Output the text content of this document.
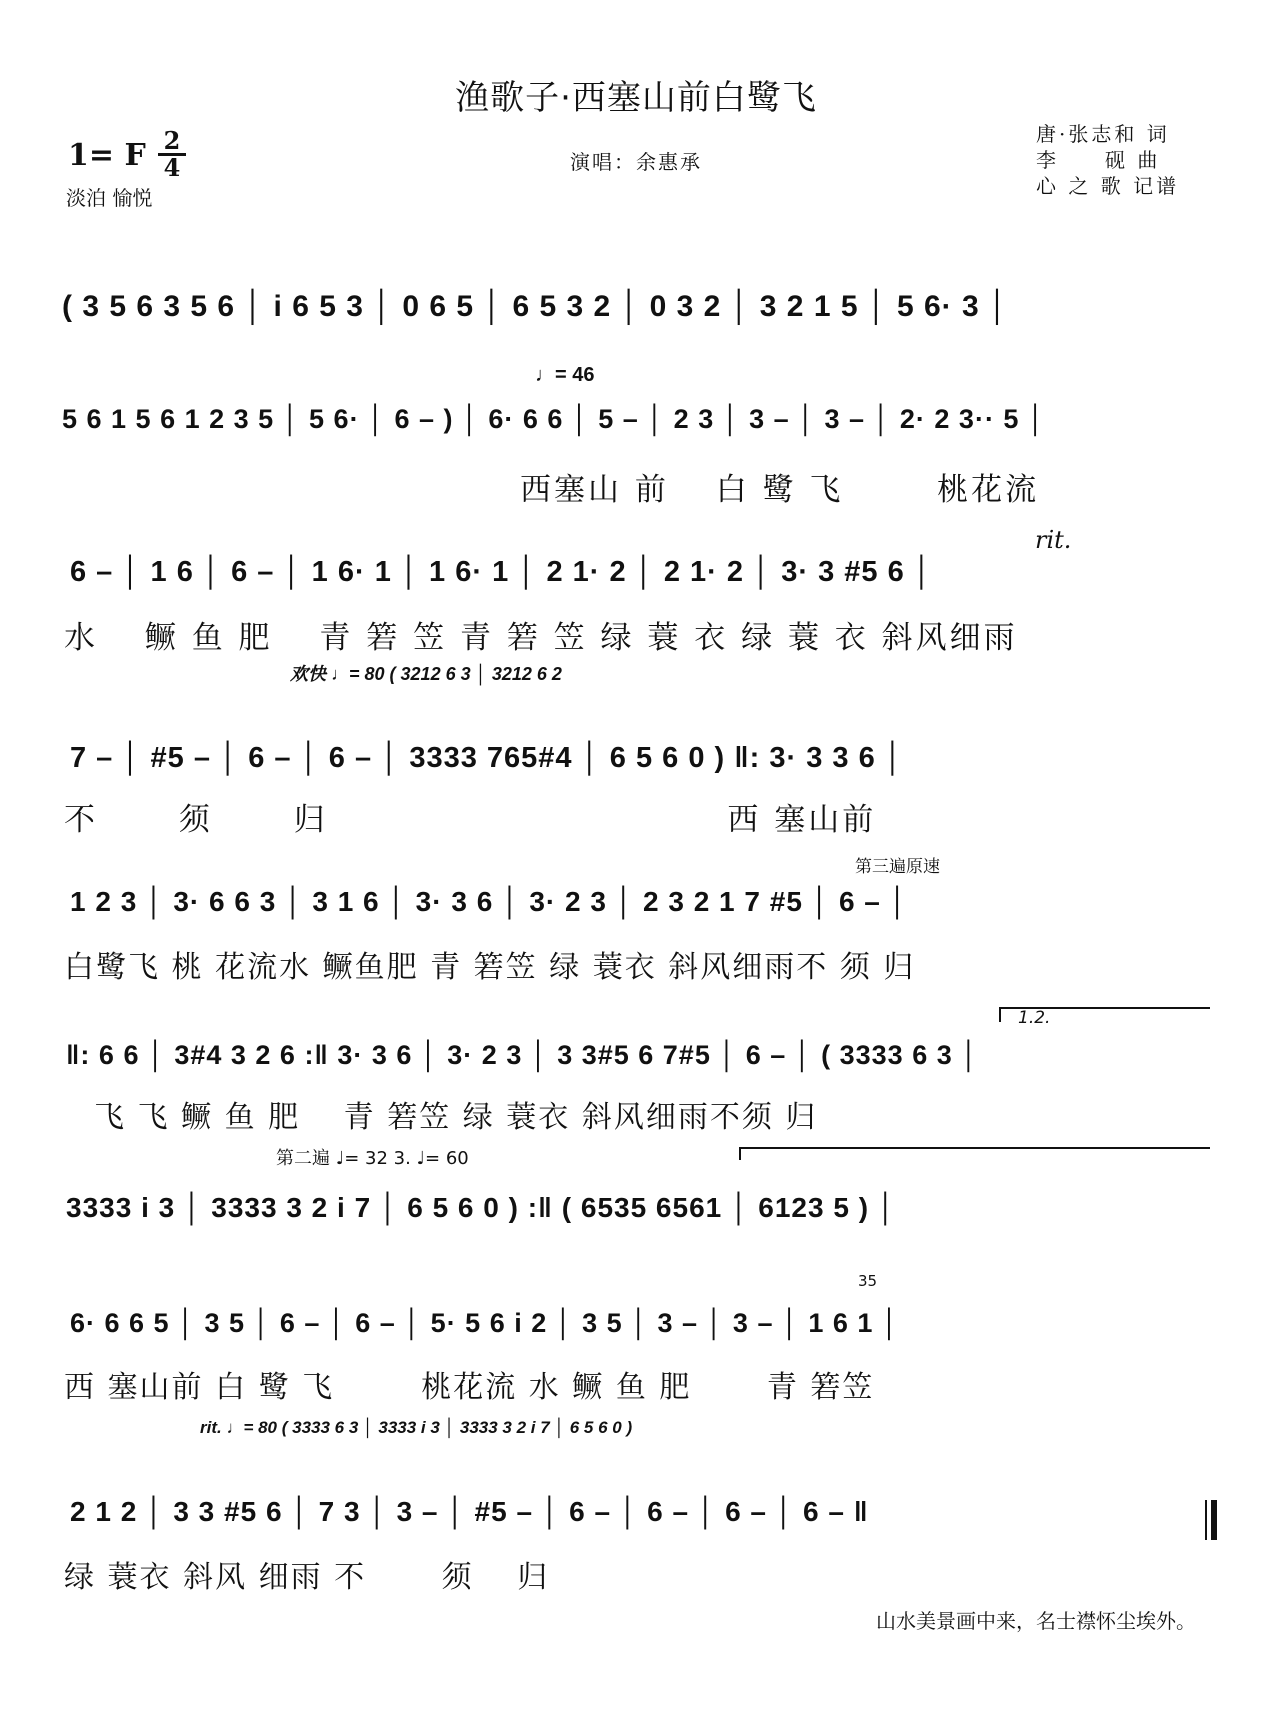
渔歌子·西塞山前白鹭飞
1= F 2
4
淡泊 愉悦
演唱：余惠承
唐·张志和 词
李　　砚 曲
心 之 歌 记谱
( 3 5 6 3 5 6 │ i 6 5 3 │ 0 6 5 │ 6 5 3 2 │ 0 3 2 │ 3 2 1 5 │ 5 6· 3 │
♩= 46
5 6 1 5 6 1 2 3 5 │ 5 6· │ 6 – ) │ 6· 6 6 │ 5 – │ 2 3 │ 3 – │ 3 – │ 2· 2 3·· 5 │
西塞山 前 　白 鹭 飞 　　 桃花流
rit.
6 – │ 1 6 │ 6 – │ 1 6· 1 │ 1 6· 1 │ 2 1· 2 │ 2 1· 2 │ 3· 3 #5 6 │
水 　鳜 鱼 肥 　青 箬 笠 青 箬 笠 绿 蓑 衣 绿 蓑 衣 斜风细雨
欢快 ♩= 80 ( 3212 6 3 │ 3212 6 2
7 – │ #5 – │ 6 – │ 6 – │ 3333 765#4 │ 6 5 6 0 ) ‖: 3· 3 3 6 │
不 　　须 　　归 　　　　　　　　　　　 西 塞山前
第三遍原速
1 2 3 │ 3· 6 6 3 │ 3 1 6 │ 3· 3 6 │ 3· 2 3 │ 2 3 2 1 7 #5 │ 6 – │
白鹭飞 桃 花流水 鳜鱼肥 青 箬笠 绿 蓑衣 斜风细雨不 须 归
1.2.
‖: 6 6 │ 3#4 3 2 6 :‖ 3· 3 6 │ 3· 2 3 │ 3 3#5 6 7#5 │ 6 – │ ( 3333 6 3 │
飞 飞 鳜 鱼 肥 　青 箬笠 绿 蓑衣 斜风细雨不须 归
第二遍 ♩= 32 3. ♩= 60
3333 i 3 │ 3333 3 2 i 7 │ 6 5 6 0 ) :‖ ( 6535 6561 │ 6123 5 ) │
35
6· 6 6 5 │ 3 5 │ 6 – │ 6 – │ 5· 5 6 i 2 │ 3 5 │ 3 – │ 3 – │ 1 6 1 │
西 塞山前 白 鹭 飞 　　 桃花流 水 鳜 鱼 肥 　　青 箬笠
rit. ♩= 80 ( 3333 6 3 │ 3333 i 3 │ 3333 3 2 i 7 │ 6 5 6 0 )
2 1 2 │ 3 3 #5 6 │ 7 3 │ 3 – │ #5 – │ 6 – │ 6 – │ 6 – │ 6 – ‖
绿 蓑衣 斜风 细雨 不 　　须 　归
山水美景画中来，名士襟怀尘埃外。
